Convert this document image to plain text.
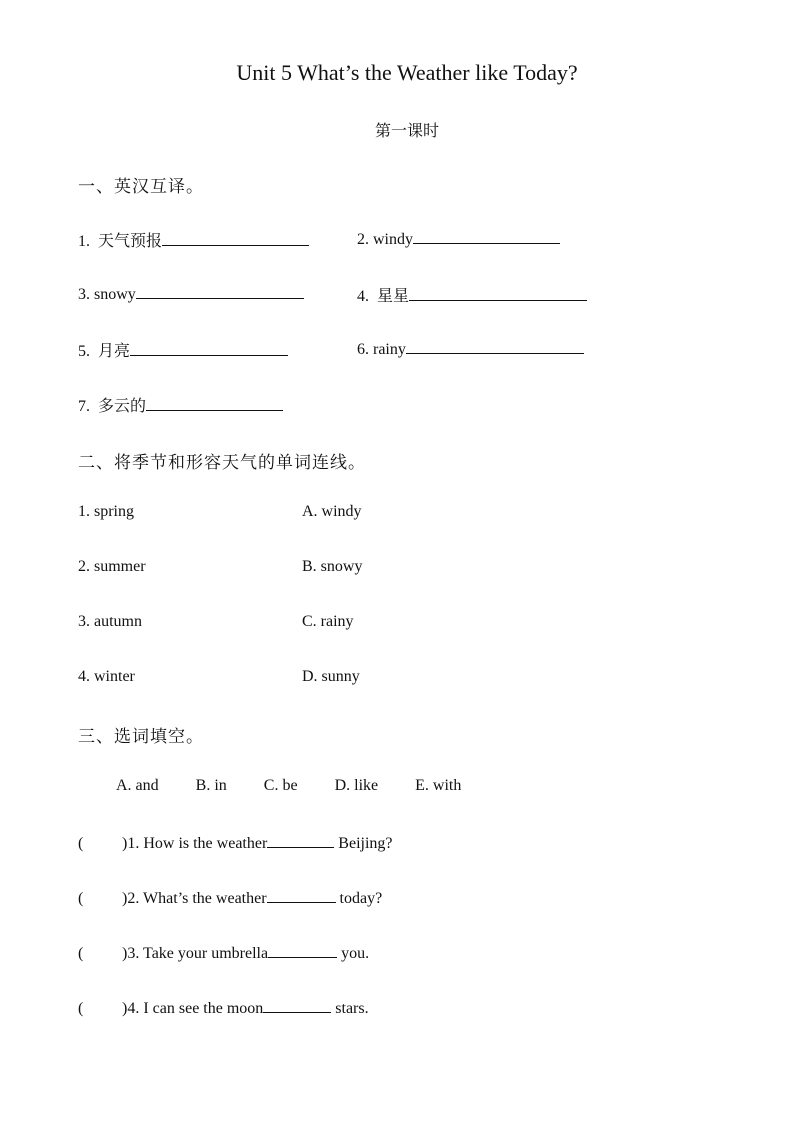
Unit 5 What’s the Weather like Today?
第一课时
一、英汉互译。
1. 天气预报	2. windy
3. snowy	4. 星星
5. 月亮	6. rainy
7. 多云的
二、将季节和形容天气的单词连线。
1. spring	A. windy
2. summer	B. snowy
3. autumn	C. rainy
4. winter	D. sunny
三、选词填空。
A. and B. in C. be D. like E. with
( )1. How is the weather	Beijing?
( )2. What’s the weather	today?
( )3. Take your umbrella	you.
( )4. I can see the moon	stars.
